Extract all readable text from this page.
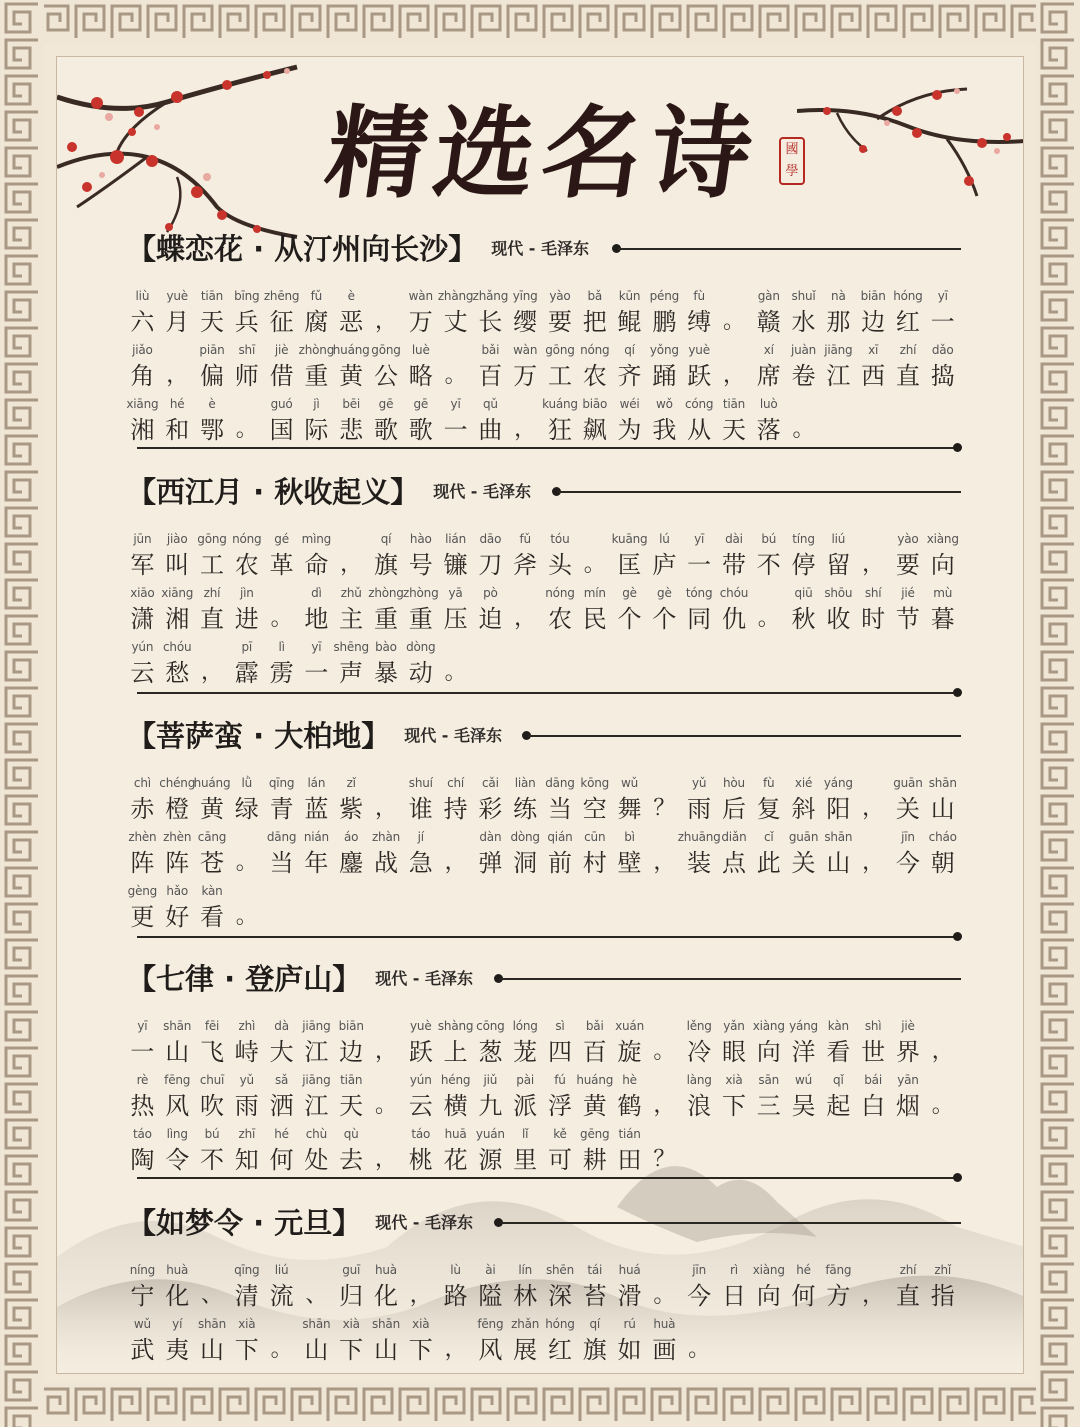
精选名诗	國學
【蝶恋花 · 从汀州向长沙】 现代 - 毛泽东
liù
六
yuè
月
tiān
天
bīng
兵
zhēng
征
fǔ
腐
è
恶 ，
wàn
万
zhàng
丈
zhǎng
长
yīng
缨
yào
要
bǎ
把
kūn
鲲
péng
鹏
fù
缚 。
gàn
赣
shuǐ
水
nà
那
biān
边
hóng
红
yī
一
jiǎo
角 ，
piān
偏
shī
师
jiè
借
zhòng
重
huáng
黄
gōng
公
luè
略 。
bǎi
百
wàn
万
gōng
工
nóng
农
qí
齐
yǒng
踊
yuè
跃 ，
xí
席
juàn
卷
jiāng
江
xī
西
zhí
直
dǎo
捣
xiāng
湘
hé
和
è
鄂 。
guó
国
jì
际
bēi
悲
gē
歌
gē
歌
yī
一
qǔ
曲 ，
kuáng
狂
biāo
飙
wéi
为
wǒ
我
cóng
从
tiān
天
luò
落 。
【西江月 · 秋收起义】 现代 - 毛泽东
jūn
军
jiào
叫
gōng
工
nóng
农
gé
革
mìng
命 ，
qí
旗
hào
号
lián
镰
dāo
刀
fǔ
斧
tóu
头 。
kuāng
匡
lú
庐
yī
一
dài
带
bú
不
tíng
停
liú
留 ，
yào
要
xiàng
向
xiāo
潇
xiāng
湘
zhí
直
jìn
进 。
dì
地
zhǔ
主
zhòng
重
zhòng
重
yā
压
pò
迫 ，
nóng
农
mín
民
gè
个
gè
个
tóng
同
chóu
仇 。
qiū
秋
shōu
收
shí
时
jié
节
mù
暮
yún
云
chóu
愁 ，
pī
霹
lì
雳
yī
一
shēng
声
bào
暴
dòng
动 。
【菩萨蛮 · 大柏地】 现代 - 毛泽东
chì
赤
chéng
橙
huáng
黄
lǜ
绿
qīng
青
lán
蓝
zǐ
紫 ，
shuí
谁
chí
持
cǎi
彩
liàn
练
dāng
当
kōng
空
wǔ
舞 ？
yǔ
雨
hòu
后
fù
复
xié
斜
yáng
阳 ，
guān
关
shān
山
zhèn
阵
zhèn
阵
cāng
苍 。
dāng
当
nián
年
áo
鏖
zhàn
战
jí
急 ，
dàn
弹
dòng
洞
qián
前
cūn
村
bì
壁 ，
zhuāng
装
diǎn
点
cǐ
此
guān
关
shān
山 ，
jīn
今
cháo
朝
gèng
更
hǎo
好
kàn
看 。
【七律 · 登庐山】 现代 - 毛泽东
yī
一
shān
山
fēi
飞
zhì
峙
dà
大
jiāng
江
biān
边 ，
yuè
跃
shàng
上
cōng
葱
lóng
茏
sì
四
bǎi
百
xuán
旋 。
lěng
冷
yǎn
眼
xiàng
向
yáng
洋
kàn
看
shì
世
jiè
界 ，
rè
热
fēng
风
chuī
吹
yǔ
雨
sǎ
洒
jiāng
江
tiān
天 。
yún
云
héng
横
jiǔ
九
pài
派
fú
浮
huáng
黄
hè
鹤 ，
làng
浪
xià
下
sān
三
wú
吴
qǐ
起
bái
白
yān
烟 。
táo
陶
lìng
令
bú
不
zhī
知
hé
何
chù
处
qù
去 ，
táo
桃
huā
花
yuán
源
lǐ
里
kě
可
gēng
耕
tián
田 ？
【如梦令 · 元旦】 现代 - 毛泽东
níng
宁
huà
化 、
qīng
清
liú
流 、
guī
归
huà
化 ，
lù
路
ài
隘
lín
林
shēn
深
tái
苔
huá
滑 。
jīn
今
rì
日
xiàng
向
hé
何
fāng
方 ，
zhí
直
zhǐ
指
wǔ
武
yí
夷
shān
山
xià
下 。
shān
山
xià
下
shān
山
xià
下 ，
fēng
风
zhǎn
展
hóng
红
qí
旗
rú
如
huà
画 。
